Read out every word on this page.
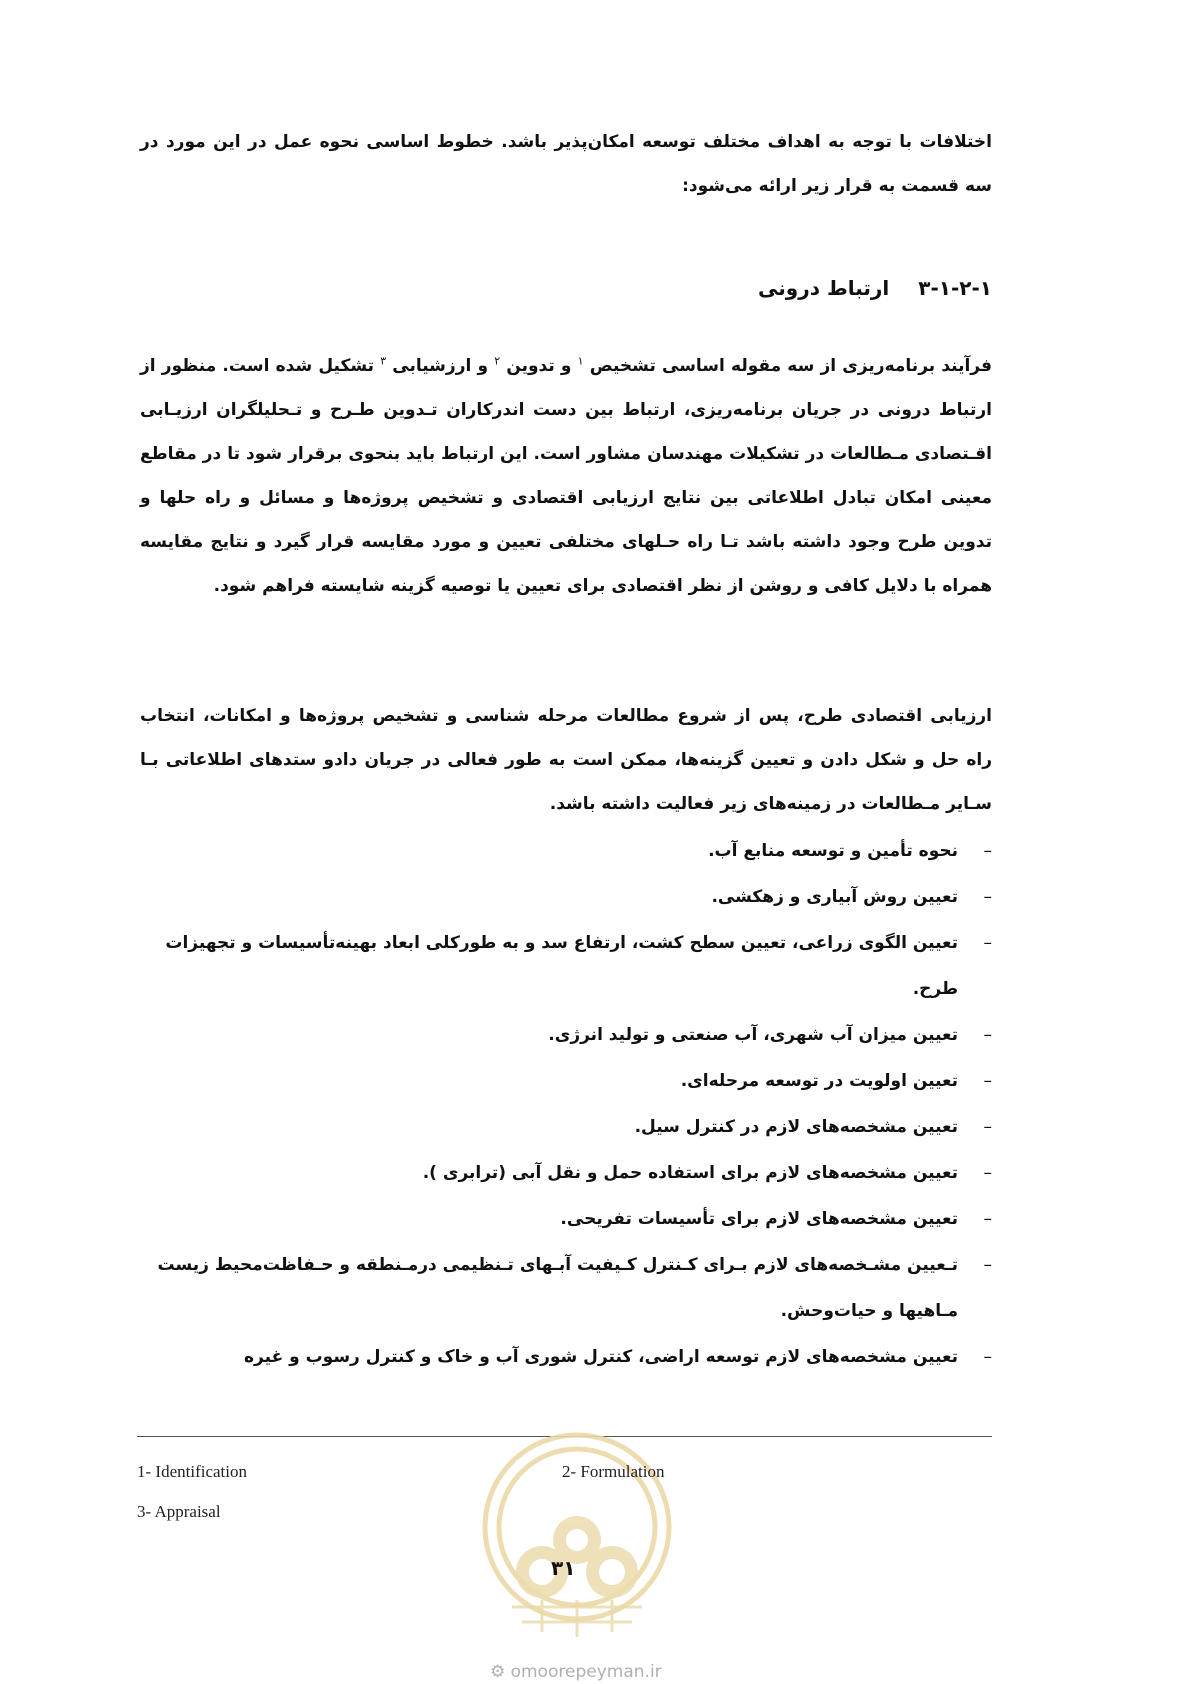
اختلافات با توجه به اهداف مختلف توسعه امکان‌پذیر باشد. خطوط اساسی نحوه عمل در این مورد در سه قسمت به قرار زیر ارائه می‌شود:

۳-۱-۲-۱ ارتباط درونی

فرآیند برنامه‌ریزی از سه مقوله اساسی تشخیص $^۱$ و تدوین $^۲$ و ارزشیابی $^۳$ تشکیل شده است. منظور از ارتباط درونی در جریان برنامه‌ریزی، ارتباط بین دست اندرکاران تـدوین طـرح و تـحلیلگران ارزیـابی اقـتصادی مـطالعات در تشکیلات مهندسان مشاور است. این ارتباط باید بنحوی برقرار شود تا در مقاطع معینی امکان تبادل اطلاعاتی بین نتایج ارزیابی اقتصادی و تشخیص پروژه‌ها و مسائل و راه حلها و تدوین طرح وجود داشته باشد تـا راه حـلهای مختلفی تعیین و مورد مقایسه قرار گیرد و نتایج مقایسه همراه با دلایل کافی و روشن از نظر اقتصادی برای تعیین یا توصیه گزینه شایسته فراهم شود.

ارزیابی اقتصادی طرح، پس از شروع مطالعات مرحله شناسی و تشخیص پروژه‌ها و امکانات، انتخاب راه حل و شکل دادن و تعیین گزینه‌ها، ممکن است به طور فعالی در جریان دادو ستدهای اطلاعاتی بـا سـایر مـطالعات در زمینه‌های زیر فعالیت داشته باشد.

–
نحوه تأمین و توسعه منابع آب.
–
تعیین روش آبیاری و زهکشی.
–
تعیین الگوی زراعی، تعیین سطح کشت، ارتفاع سد و به طورکلی ابعاد بهینه‌تأسیسات و تجهیزات طرح.
–
تعیین میزان آب شهری، آب صنعتی و تولید انرژی.
–
تعیین اولویت در توسعه مرحله‌ای.
–
تعیین مشخصه‌های لازم در کنترل سیل.
–
تعیین مشخصه‌های لازم برای استفاده حمل و نقل آبی (ترابری ).
–
تعیین مشخصه‌های لازم برای تأسیسات تفریحی.
–
تـعیین مشـخصه‌های لازم بـرای کـنترل کـیفیت آبـهای تـنظیمی درمـنطقه و حـفاظت‌محیط زیست مـاهیها و حیات‌وحش.
–
تعیین مشخصه‌های لازم توسعه اراضی، کنترل شوری آب و خاک و کنترل رسوب و غیره
1- Identification	2- Formulation
3- Appraisal
۳۱
⚙ omoorepeyman.ir
